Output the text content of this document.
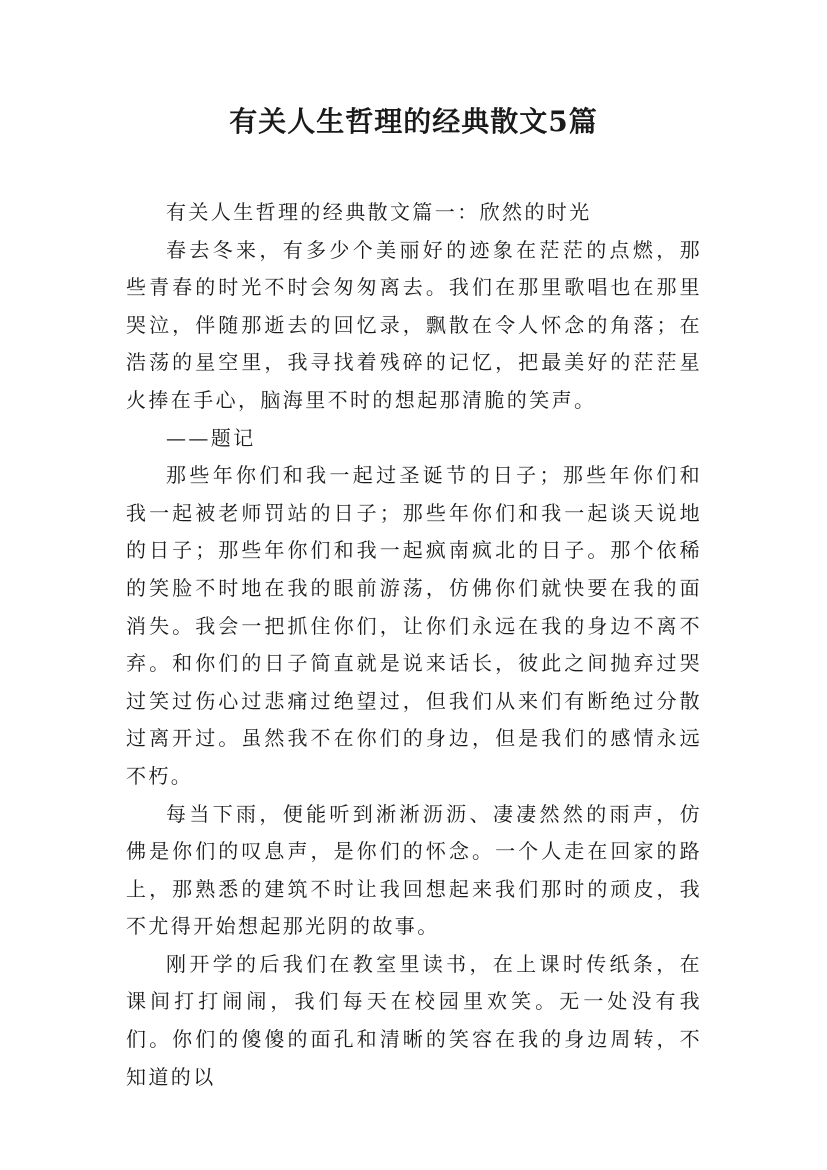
有关人生哲理的经典散文5篇

有关人生哲理的经典散文篇一：欣然的时光

春去冬来，有多少个美丽好的迹象在茫茫的点燃，那些青春的时光不时会匆匆离去。我们在那里歌唱也在那里哭泣，伴随那逝去的回忆录，飘散在令人怀念的角落；在浩荡的星空里，我寻找着残碎的记忆，把最美好的茫茫星火捧在手心，脑海里不时的想起那清脆的笑声。

——题记

那些年你们和我一起过圣诞节的日子；那些年你们和我一起被老师罚站的日子；那些年你们和我一起谈天说地的日子；那些年你们和我一起疯南疯北的日子。那个依稀的笑脸不时地在我的眼前游荡，仿佛你们就快要在我的面消失。我会一把抓住你们，让你们永远在我的身边不离不弃。和你们的日子简直就是说来话长，彼此之间抛弃过哭过笑过伤心过悲痛过绝望过，但我们从来们有断绝过分散过离开过。虽然我不在你们的身边，但是我们的感情永远不朽。

每当下雨，便能听到淅淅沥沥、凄凄然然的雨声，仿佛是你们的叹息声，是你们的怀念。一个人走在回家的路上，那熟悉的建筑不时让我回想起来我们那时的顽皮，我不尤得开始想起那光阴的故事。

刚开学的后我们在教室里读书，在上课时传纸条，在课间打打闹闹，我们每天在校园里欢笑。无一处没有我们。你们的傻傻的面孔和清晰的笑容在我的身边周转，不知道的以
